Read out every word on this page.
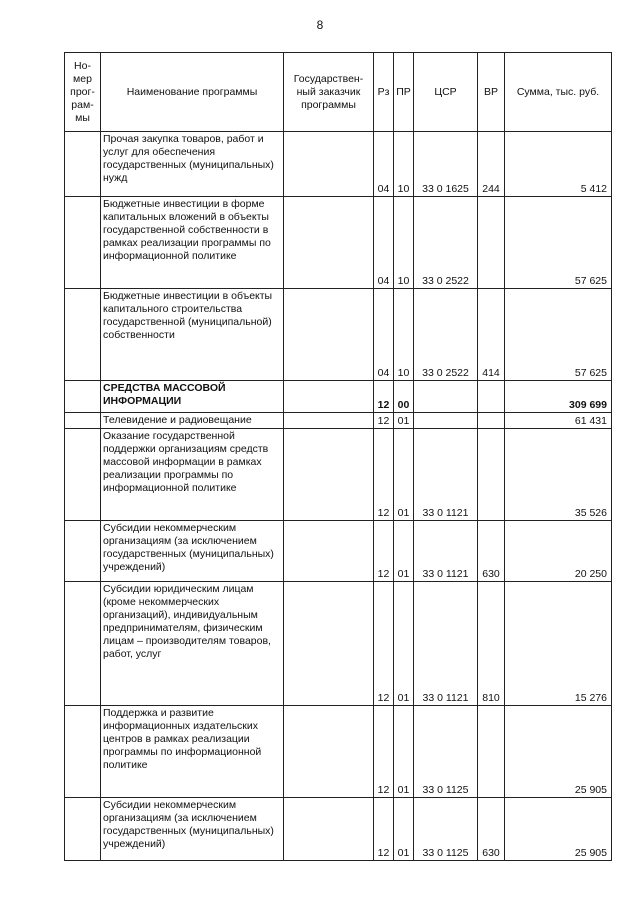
8
Но-мер прог-рам-мы	Наименование программы	Государствен-ный заказчик программы	Рз	ПР	ЦСР	ВР	Сумма, тыс. руб.
	Прочая закупка товаров, работ и услуг для обеспечения государственных (муниципальных) нужд		04	10	33 0 1625	244	5 412
	Бюджетные инвестиции в форме капитальных вложений в объекты государственной собственности в рамках реализации программы по информационной политике		04	10	33 0 2522		57 625
	Бюджетные инвестиции в объекты капитального строительства государственной (муниципальной) собственности		04	10	33 0 2522	414	57 625
	СРЕДСТВА МАССОВОЙ ИНФОРМАЦИИ		12	00			309 699
	Телевидение и радиовещание		12	01			61 431
	Оказание государственной поддержки организациям средств массовой информации в рамках реализации программы по информационной политике		12	01	33 0 1121		35 526
	Субсидии некоммерческим организациям (за исключением государственных (муниципальных) учреждений)		12	01	33 0 1121	630	20 250
	Субсидии юридическим лицам (кроме некоммерческих организаций), индивидуальным предпринимателям, физическим лицам – производителям товаров, работ, услуг		12	01	33 0 1121	810	15 276
	Поддержка и развитие информационных издательских центров в рамках реализации программы по информационной политике		12	01	33 0 1125		25 905
	Субсидии некоммерческим организациям (за исключением государственных (муниципальных) учреждений)		12	01	33 0 1125	630	25 905
